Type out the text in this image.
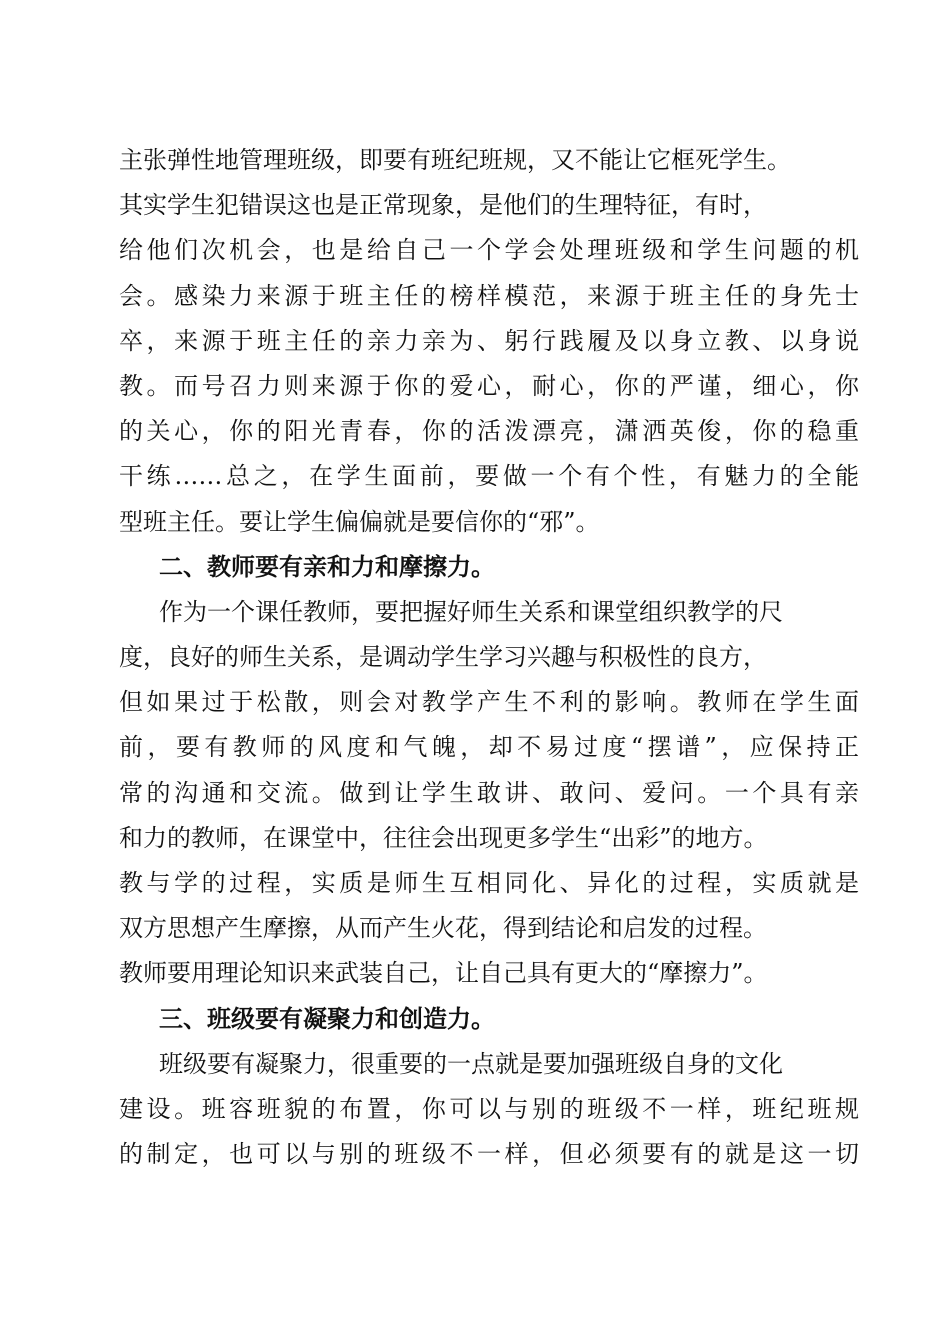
主张弹性地管理班级，即要有班纪班规，又不能让它框死学生。
其实学生犯错误这也是正常现象，是他们的生理特征，有时，
给他们次机会，也是给自己一个学会处理班级和学生问题的机
会。感染力来源于班主任的榜样模范，来源于班主任的身先士
卒，来源于班主任的亲力亲为、躬行践履及以身立教、以身说
教。而号召力则来源于你的爱心，耐心，你的严谨，细心，你
的关心，你的阳光青春，你的活泼漂亮，潇洒英俊，你的稳重
干练……总之，在学生面前，要做一个有个性，有魅力的全能
型班主任。要让学生偏偏就是要信你的“邪”。
二、教师要有亲和力和摩擦力。
作为一个课任教师，要把握好师生关系和课堂组织教学的尺
度，良好的师生关系，是调动学生学习兴趣与积极性的良方，
但如果过于松散，则会对教学产生不利的影响。教师在学生面
前，要有教师的风度和气魄，却不易过度“摆谱”，应保持正
常的沟通和交流。做到让学生敢讲、敢问、爱问。一个具有亲
和力的教师，在课堂中，往往会出现更多学生“出彩”的地方。
教与学的过程，实质是师生互相同化、异化的过程，实质就是
双方思想产生摩擦，从而产生火花，得到结论和启发的过程。
教师要用理论知识来武装自己，让自己具有更大的“摩擦力”。
三、班级要有凝聚力和创造力。
班级要有凝聚力，很重要的一点就是要加强班级自身的文化
建设。班容班貌的布置，你可以与别的班级不一样，班纪班规
的制定，也可以与别的班级不一样，但必须要有的就是这一切
